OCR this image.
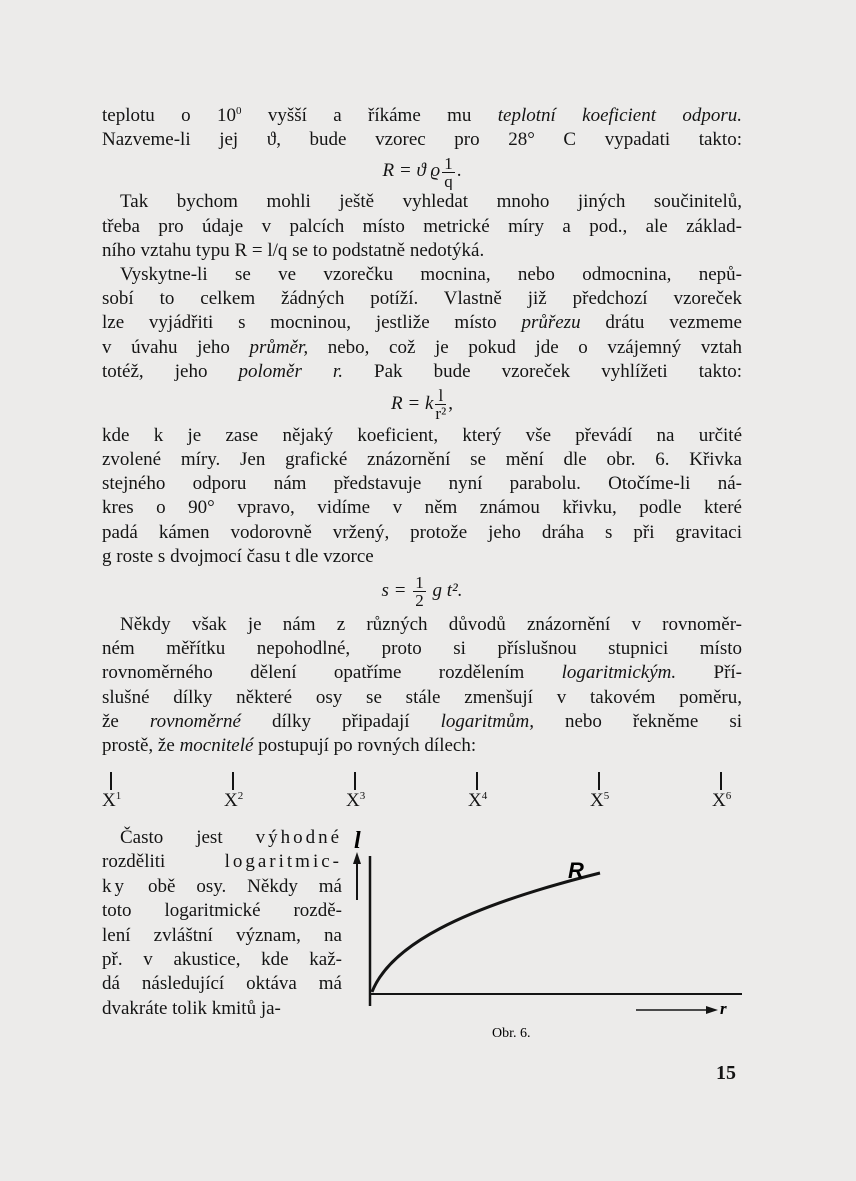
teplotu o $10^0$ vyšší a říkáme mu teplotní koeficient odporu.
Nazveme-li jej ϑ, bude vzorec pro 28° C vypadati takto:
R = ϑ ϱ $\frac{1}{q}$ .
Tak bychom mohli ještě vyhledat mnoho jiných součinitelů,
třeba pro údaje v palcích místo metrické míry a pod., ale základ-
ního vztahu typu R = l/q se to podstatně nedotýká.
Vyskytne-li se ve vzorečku mocnina, nebo odmocnina, nepů-
sobí to celkem žádných potíží. Vlastně již předchozí vzoreček
lze vyjádřiti s mocninou, jestliže místo průřezu drátu vezmeme
v úvahu jeho průměr, nebo, což je pokud jde o vzájemný vztah
totéž, jeho poloměr r. Pak bude vzoreček vyhlížeti takto:
R = k $\frac{l}{\text{r²}}$ ,
kde k je zase nějaký koeficient, který vše převádí na určité
zvolené míry. Jen grafické znázornění se mění dle obr. 6. Křivka
stejného odporu nám představuje nyní parabolu. Otočíme-li ná-
kres o 90° vpravo, vidíme v něm známou křivku, podle které
padá kámen vodorovně vržený, protože jeho dráha s při gravitaci
g roste s dvojmocí času t dle vzorce
$s = \frac{1}{2}$ g t².
Někdy však je nám z různých důvodů znázornění v rovnoměr-
ném měřítku nepohodlné, proto si příslušnou stupnici místo
rovnoměrného dělení opatříme rozdělením logaritmickým. Pří-
slušné dílky některé osy se stále zmenšují v takovém poměru,
že rovnoměrné dílky připadají logaritmům, nebo řekněme si
prostě, že mocnitelé postupují po rovných dílech:
$X^1$	$X^2$	$X^3$	$X^4$	$X^5$	$X^6$
Často jest výhodné
rozděliti logaritmic-
ky obě osy. Někdy má
toto logaritmické rozdě-
lení zvláštní význam, na
př. v akustice, kde kaž-
dá následující oktáva má
dvakráte tolik kmitů ja-
l
r
R
Obr. 6.
15
